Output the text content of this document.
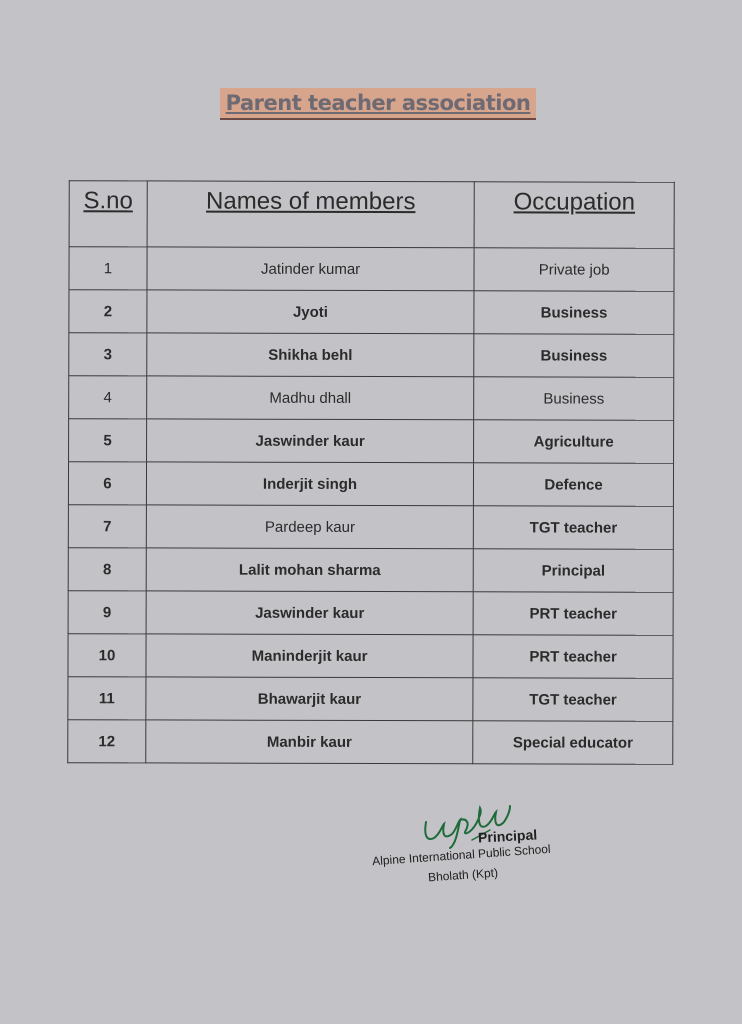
Parent teacher association
S.no	Names of members	Occupation
1	Jatinder kumar	Private job
2	Jyoti	Business
3	Shikha behl	Business
4	Madhu dhall	Business
5	Jaswinder kaur	Agriculture
6	Inderjit singh	Defence
7	Pardeep kaur	TGT teacher
8	Lalit mohan sharma	Principal
9	Jaswinder kaur	PRT teacher
10	Maninderjit kaur	PRT teacher
11	Bhawarjit kaur	TGT teacher
12	Manbir kaur	Special educator
Principal
Alpine International Public School
Bholath (Kpt)
